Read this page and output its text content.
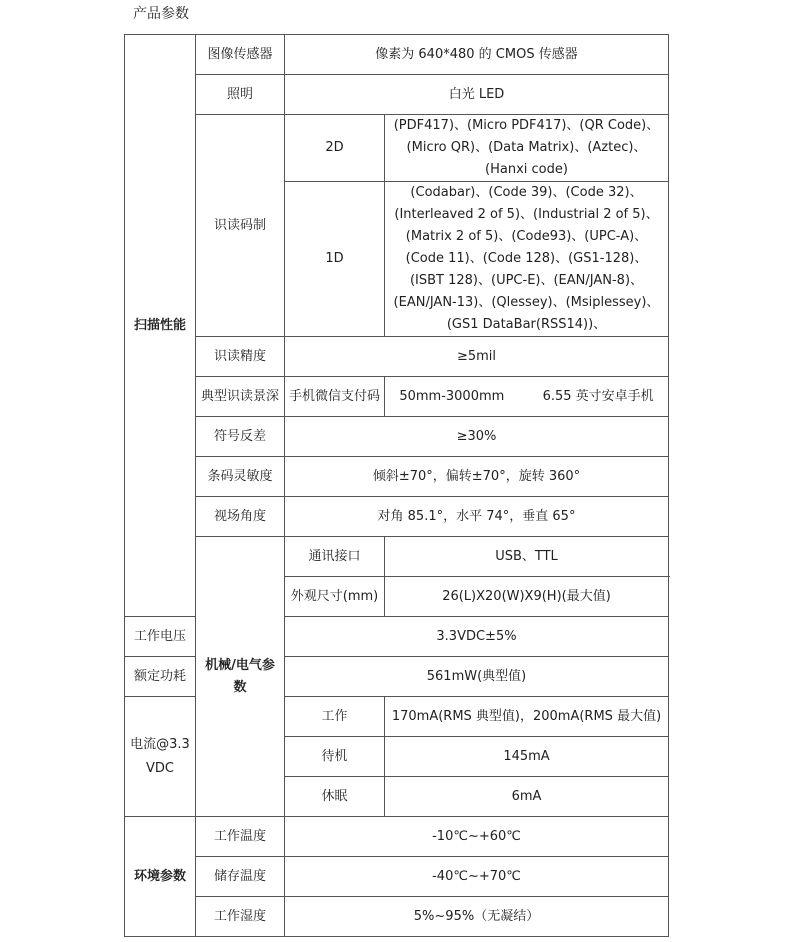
产品参数
扫描性能	图像传感器	像素为 640*480 的 CMOS 传感器	
	照明	白光 LED	
	识读码制	2D	(PDF417)、(Micro PDF417)、(QR Code)、(Micro QR)、(Data Matrix)、(Aztec)、(Hanxi code)
		1D	(Codabar)、(Code 39)、(Code 32)、(Interleaved 2 of 5)、(Industrial 2 of 5)、(Matrix 2 of 5)、(Code93)、(UPC-A)、(Code 11)、(Code 128)、(GS1-128)、(ISBT 128)、(UPC-E)、(EAN/JAN-8)、(EAN/JAN-13)、(Qlessey)、(Msiplessey)、(GS1 DataBar(RSS14))、
	识读精度	≥5mil	
	典型识读景深	手机微信支付码	50mm-3000mm 6.55 英寸安卓手机
	符号反差	≥30%	
	条码灵敏度	倾斜±70°，偏转±70°，旋转 360°	
	视场角度	对角 85.1°，水平 74°，垂直 65°	
	机械/电气参数	通讯接口	USB、TTL
		外观尺寸(mm)	26(L)X20(W)X9(H)(最大值)
工作电压		3.3VDC±5%	
额定功耗		561mW(典型值)	
电流@3.3 VDC		工作	170mA(RMS 典型值)，200mA(RMS 最大值)
		待机	145mA
		休眠	6mA
环境参数	工作温度	-10℃~+60℃	
	储存温度	-40℃~+70℃	
	工作湿度	5%~95%（无凝结）	
